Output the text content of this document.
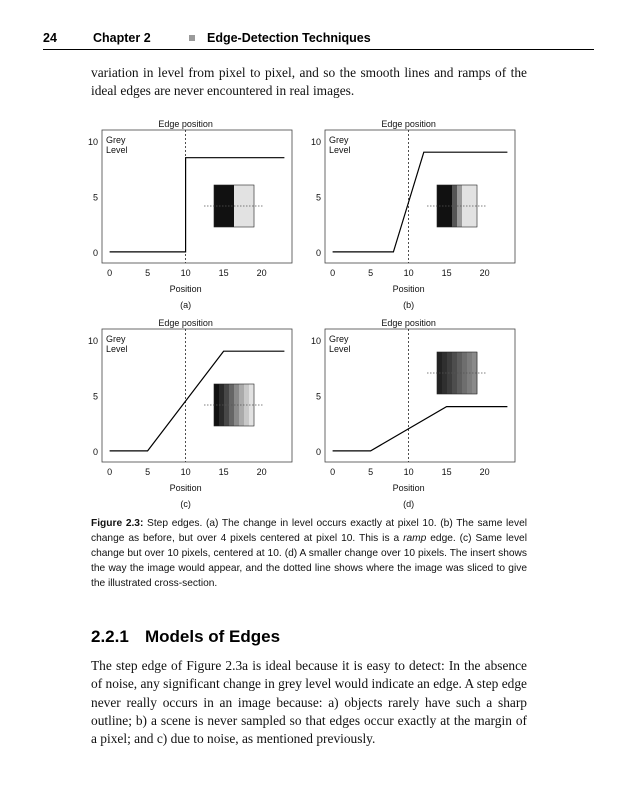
24	Chapter 2	Edge-Detection Techniques

variation in level from pixel to pixel, and so the smooth lines and ramps of the ideal edges are never encountered in real images.

0
5
10
0	5	10	15	20
Grey
Level
Edge position
Position
(a)
0
5
10
0	5	10	15	20
Grey
Level
Edge position
Position
(b)
0
5
10
0	5	10	15	20
Grey
Level
Edge position
Position
(c)
0
5
10
0	5	10	15	20
Grey
Level
Edge position
Position
(d)

Figure 2.3: Step edges. (a) The change in level occurs exactly at pixel 10. (b) The same level change as before, but over 4 pixels centered at pixel 10. This is a ramp edge. (c) Same level change but over 10 pixels, centered at 10. (d) A smaller change over 10 pixels. The insert shows the way the image would appear, and the dotted line shows where the image was sliced to give the illustrated cross-section.

2.2.1 Models of Edges

The step edge of Figure 2.3a is ideal because it is easy to detect: In the absence of noise, any significant change in grey level would indicate an edge. A step edge never really occurs in an image because: a) objects rarely have such a sharp outline; b) a scene is never sampled so that edges occur exactly at the margin of a pixel; and c) due to noise, as mentioned previously.
